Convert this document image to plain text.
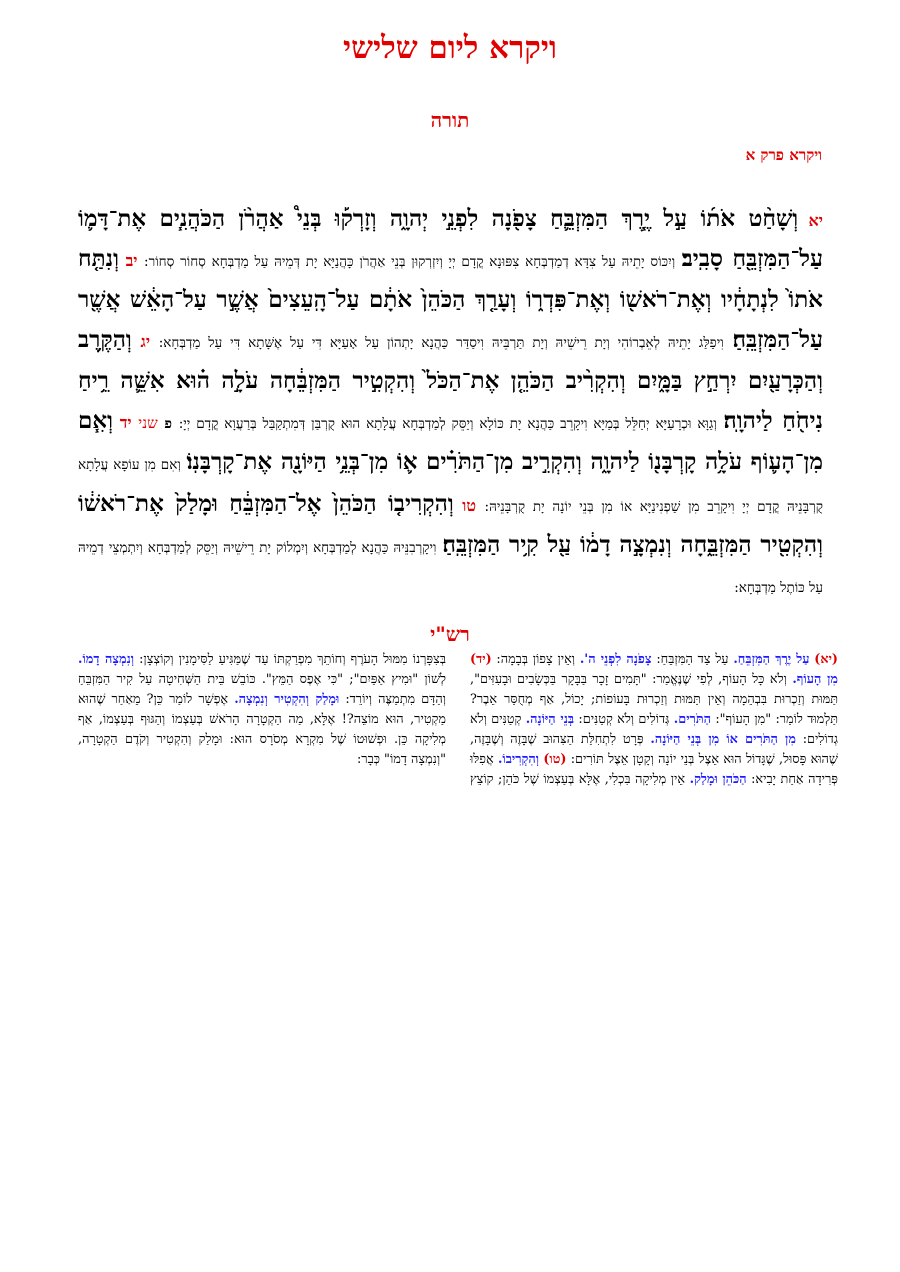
ויקרא ליום שלישי
תורה
ויקרא פרק א
יא וְשָׁחַ֨ט אֹת֜וֹ עַ֣ל יֶ֧רֶךְ הַמִּזְבֵּ֛חַ צָפֹ֖נָה לִפְנֵ֣י יְהוָ֑ה וְזָרְק֡וּ בְּנֵי֩ אַהֲרֹ֨ן הַכֹּהֲנִ֧ים אֶת־דָּמ֛וֹ עַל־הַמִּזְבֵּ֖חַ סָבִֽיב׃ וְיִכּוֹס יָתֵיהּ עַל צִדָּא דְמַדְבְּחָא צִפּוּנָא קֳדָם יְיָ וְיִזְרְקוּן בְּנֵי אַהֲרֹן כָּהֲנַיָּא יָת דְּמֵיהּ עַל מַדְבְּחָא סְחוֹר סְחוֹר: יב וְנִתַּ֤ח אֹתוֹ֙ לִנְתָחָ֔יו וְאֶת־רֹאשׁ֖וֹ וְאֶת־פִּדְר֑וֹ וְעָרַ֤ךְ הַכֹּהֵן֙ אֹתָ֔ם עַל־הָֽעֵצִים֙ אֲשֶׁ֣ר עַל־הָאֵ֔שׁ אֲשֶׁ֖ר עַל־הַמִּזְבֵּֽחַ׃ וִיפַלַּג יָתֵיהּ לְאֵבְרוֹהִי וְיָת רֵישֵׁיהּ וְיָת תַּרְבֵּיהּ וִיסַדַּר כַּהֲנָא יָתְהוֹן עַל אָעַיָּא דִּי עַל אֶשָּׁתָא דִּי עַל מַדְבְּחָא: יג וְהַקֶּ֥רֶב וְהַכְּרָעַ֖יִם יִרְחַ֣ץ בַּמָּ֑יִם וְהִקְרִ֨יב הַכֹּהֵ֤ן אֶת־הַכֹּל֙ וְהִקְטִ֣יר הַמִּזְבֵּ֔חָה עֹלָ֣ה ה֗וּא אִשֵּׁ֛ה רֵ֥יחַ נִיחֹ֖חַ לַיהוָֽה׃ וְגַוָּא וּכְרָעַיָּא יְחַלֵּל בְּמַיָּא וִיקָרֵב כַּהֲנָא יָת כּוֹלָא וְיַסֵּק לְמַדְבְּחָא עֲלָתָא הוּא קֻרְבַּן דְּמִתְקַבַּל בְּרַעֲוָא קֳדָם יְיָ: פ שני יד וְאִ֧ם מִן־הָע֛וֹף עֹלָ֥ה קָרְבָּנ֖וֹ לַיהוָ֑ה וְהִקְרִ֣יב מִן־הַתֹּרִ֗ים א֛וֹ מִן־בְּנֵ֥י הַיּוֹנָ֖ה אֶת־קָרְבָּנֽוֹ׃ וְאִם מִן עוֹפָא עֲלָתָא קֻרְבָּנֵיהּ קֳדָם יְיָ וִיקָרֵב מִן שַׁפְנִינַיָּא אוֹ מִן בְּנֵי יוֹנָה יָת קֻרְבָּנֵיהּ: טו וְהִקְרִיב֤וֹ הַכֹּהֵן֙ אֶל־הַמִּזְבֵּ֔חַ וּמָלַק֙ אֶת־רֹאשׁ֔וֹ וְהִקְטִ֖יר הַמִּזְבֵּ֑חָה וְנִמְצָ֣ה דָמ֔וֹ עַ֖ל קִ֥יר הַמִּזְבֵּֽחַ׃ וִיקָרְבִנֵּיהּ כַּהֲנָא לְמַדְבְּחָא וְיִמְלוֹק יָת רֵישֵׁיהּ וְיַסֵּק לְמַדְבְּחָא וְיִתְמְצֵי דְמֵיהּ עַל כּוֹתֶל מַדְבְּחָא:
רש"י
(יא) עַל יֶרֶךְ הַמִּזְבֵּחַ. עַל צַד הַמִּזְבֵּחַ: צָפֹנָה לִפְנֵי ה'. וְאֵין צָפוֹן בְּבָמָה: (יד) מִן הָעוֹף. וְלֹא כָּל הָעוֹף, לְפִי שֶׁנֶּאֱמַר: "תָּמִים זָכָר בַּבָּקָר בַּכְּשָׂבִים וּבָעִזִּים", תַּמּוּת וְזַכְרוּת בִּבְהֵמָה וְאֵין תַּמּוּת וְזַכְרוּת בָּעוֹפוֹת; יָכוֹל, אַף מְחֻסַּר אֵבֶר? תַּלְמוּד לוֹמַר: "מִן הָעוֹף": הַתֹּרִים. גְּדוֹלִים וְלֹא קְטַנִּים: בְּנֵי הַיּוֹנָה. קְטַנִּים וְלֹא גְדוֹלִים: מִן הַתֹּרִים אוֹ מִן בְּנֵי הַיּוֹנָה. פְּרָט לִתְחִלַּת הַצִּהוּב שֶׁבָּזֶה וְשֶׁבָּזֶה, שֶׁהוּא פָּסוּל, שֶׁגָּדוֹל הוּא אֵצֶל בְּנֵי יוֹנָה וְקָטָן אֵצֶל תּוֹרִים: (טו) וְהִקְרִיבוֹ. אֲפִלּוּ פְּרִידָה אַחַת יָבִיא: הַכֹּהֵן וּמָלַק. אֵין מְלִיקָה בִּכְלִי, אֶלָּא בְּעַצְמוֹ שֶׁל כֹּהֵן; קוֹצֵץ בְּצִפָּרְנוֹ מִמּוּל הָעֹרֶף וְחוֹתֵךְ מִפְרַקְתּוֹ עַד שֶׁמַּגִּיעַ לַסִּימָנִין וְקוֹצְצָן: וְנִמְצָה דָמוֹ. לְשׁוֹן "וּמִיץ אַפַּיִם"; "כִּי אֶפֶס הַמֵּץ". כּוֹבֵשׁ בֵּית הַשְּׁחִיטָה עַל קִיר הַמִּזְבֵּחַ וְהַדָּם מִתְמַצֶּה וְיוֹרֵד: וּמָלַק וְהִקְטִיר וְנִמְצָה. אֶפְשָׁר לוֹמַר כֵּן? מֵאַחַר שֶׁהוּא מַקְטִיר, הוּא מוֹצֵה?! אֶלָּא, מַה הַקְטָרָה הָרֹאשׁ בְּעַצְמוֹ וְהַגּוּף בְּעַצְמוֹ, אַף מְלִיקָה כֵּן. וּפְשׁוּטוֹ שֶׁל מִקְרָא מְסֹרָס הוּא: וּמָלַק וְהִקְטִיר וְקֹדֶם הַקְטָרָה, "וְנִמְצָה דָמוֹ" כְּבָר:
